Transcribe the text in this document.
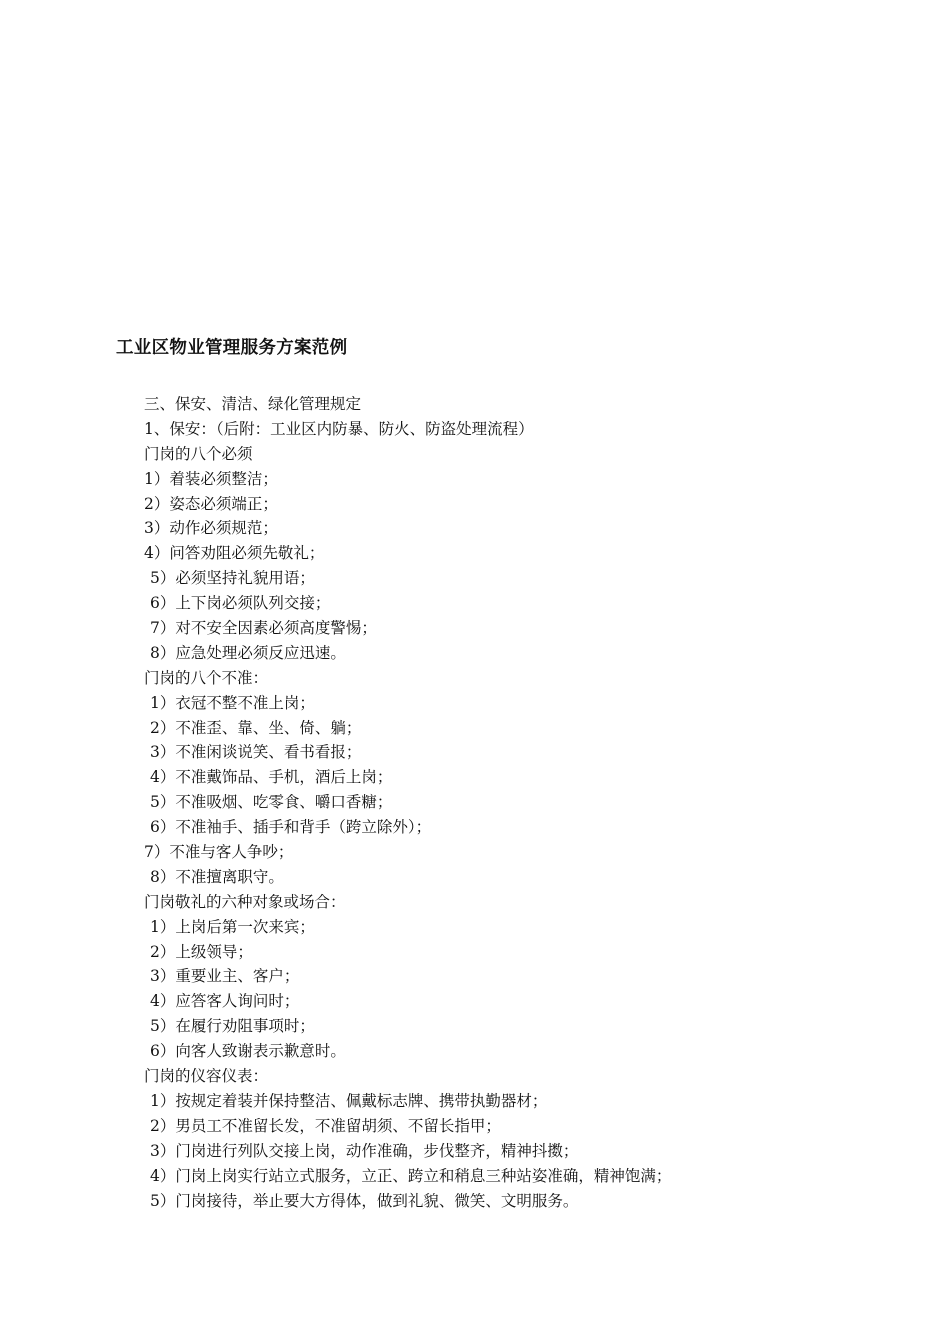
工业区物业管理服务方案范例
三、保安、清洁、绿化管理规定
1、保安：（后附：工业区内防暴、防火、防盗处理流程）
门岗的八个必须
1）着装必须整洁；
2）姿态必须端正；
3）动作必须规范；
4）问答劝阻必须先敬礼；
5）必须坚持礼貌用语；
6）上下岗必须队列交接；
7）对不安全因素必须高度警惕；
8）应急处理必须反应迅速。
门岗的八个不准：
1）衣冠不整不准上岗；
2）不准歪、靠、坐、倚、躺；
3）不准闲谈说笑、看书看报；
4）不准戴饰品、手机，酒后上岗；
5）不准吸烟、吃零食、嚼口香糖；
6）不准袖手、插手和背手（跨立除外）；
7）不准与客人争吵；
8）不准擅离职守。
门岗敬礼的六种对象或场合：
1）上岗后第一次来宾；
2）上级领导；
3）重要业主、客户；
4）应答客人询问时；
5）在履行劝阻事项时；
6）向客人致谢表示歉意时。
门岗的仪容仪表：
1）按规定着装并保持整洁、佩戴标志牌、携带执勤器材；
2）男员工不准留长发，不准留胡须、不留长指甲；
3）门岗进行列队交接上岗，动作准确，步伐整齐，精神抖擞；
4）门岗上岗实行站立式服务，立正、跨立和稍息三种站姿准确，精神饱满；
5）门岗接待，举止要大方得体，做到礼貌、微笑、文明服务。
